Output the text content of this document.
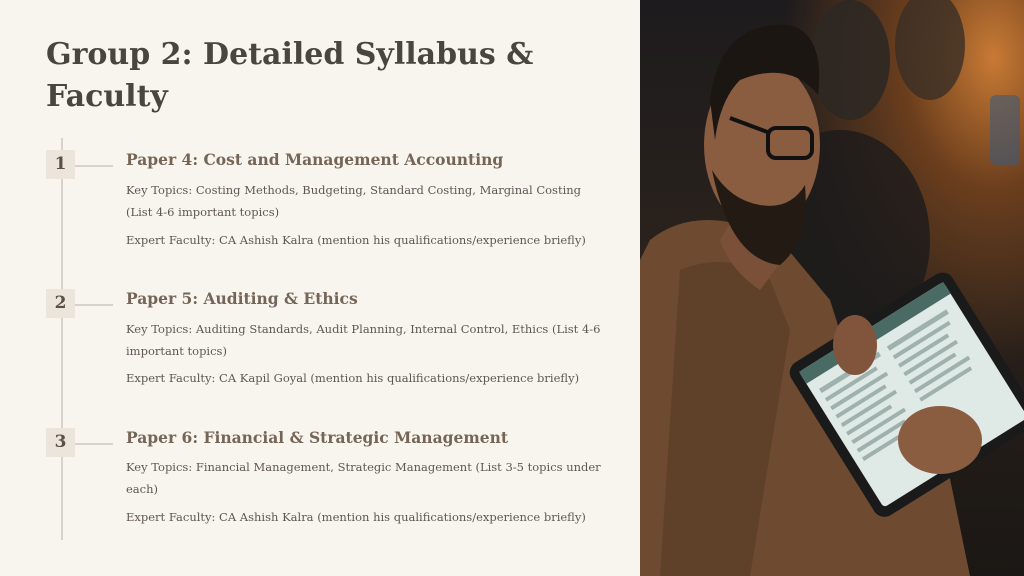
Group 2: Detailed Syllabus & Faculty
1	Paper 4: Cost and Management Accounting
Key Topics: Costing Methods, Budgeting, Standard Costing, Marginal Costing (List 4-6 important topics)
Expert Faculty: CA Ashish Kalra (mention his qualifications/experience briefly)
2	Paper 5: Auditing & Ethics
Key Topics: Auditing Standards, Audit Planning, Internal Control, Ethics (List 4-6 important topics)
Expert Faculty: CA Kapil Goyal (mention his qualifications/experience briefly)
3	Paper 6: Financial & Strategic Management
Key Topics: Financial Management, Strategic Management (List 3-5 topics under each)
Expert Faculty: CA Ashish Kalra (mention his qualifications/experience briefly)
